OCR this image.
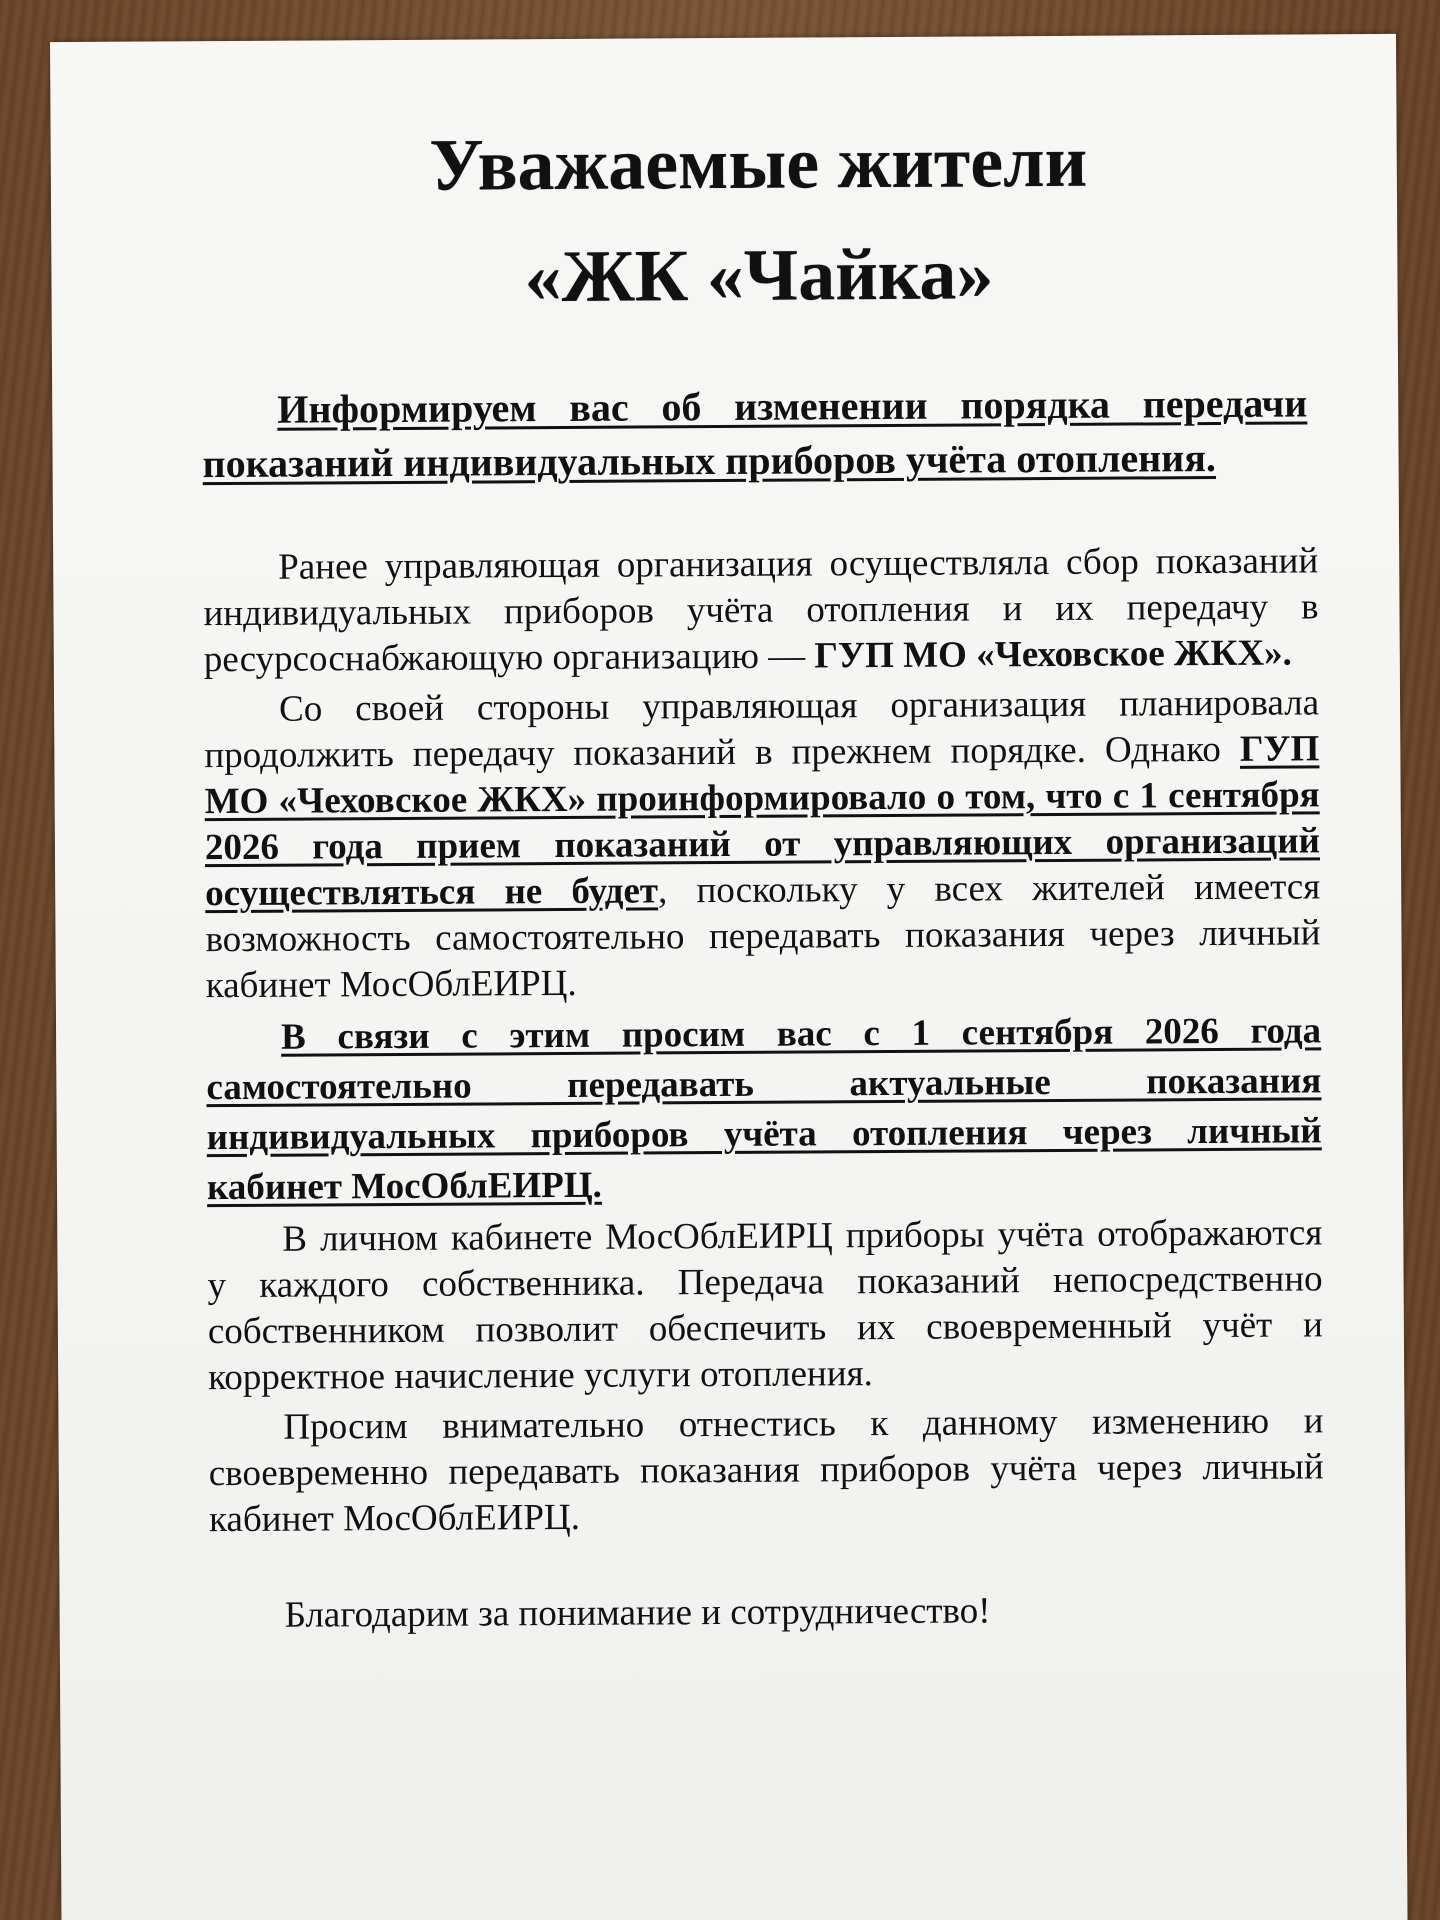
Уважаемые жители
«ЖК «Чайка»

Информируем вас об изменении порядка передачи показаний индивидуальных приборов учёта отопления.

Ранее управляющая организация осуществляла сбор показаний индивидуальных приборов учёта отопления и их передачу в ресурсоснабжающую организацию — ГУП МО «Чеховское ЖКХ».

Со своей стороны управляющая организация планировала продолжить передачу показаний в прежнем порядке. Однако ГУП МО «Чеховское ЖКХ» проинформировало о том, что с 1 сентября 2026 года прием показаний от управляющих организаций осуществляться не будет, поскольку у всех жителей имеется возможность самостоятельно передавать показания через личный кабинет МосОблЕИРЦ.

В связи с этим просим вас с 1 сентября 2026 года самостоятельно передавать актуальные показания индивидуальных приборов учёта отопления через личный кабинет МосОблЕИРЦ.

В личном кабинете МосОблЕИРЦ приборы учёта отображаются у каждого собственника. Передача показаний непосредственно собственником позволит обеспечить их своевременный учёт и корректное начисление услуги отопления.

Просим внимательно отнестись к данному изменению и своевременно передавать показания приборов учёта через личный кабинет МосОблЕИРЦ.

Благодарим за понимание и сотрудничество!
